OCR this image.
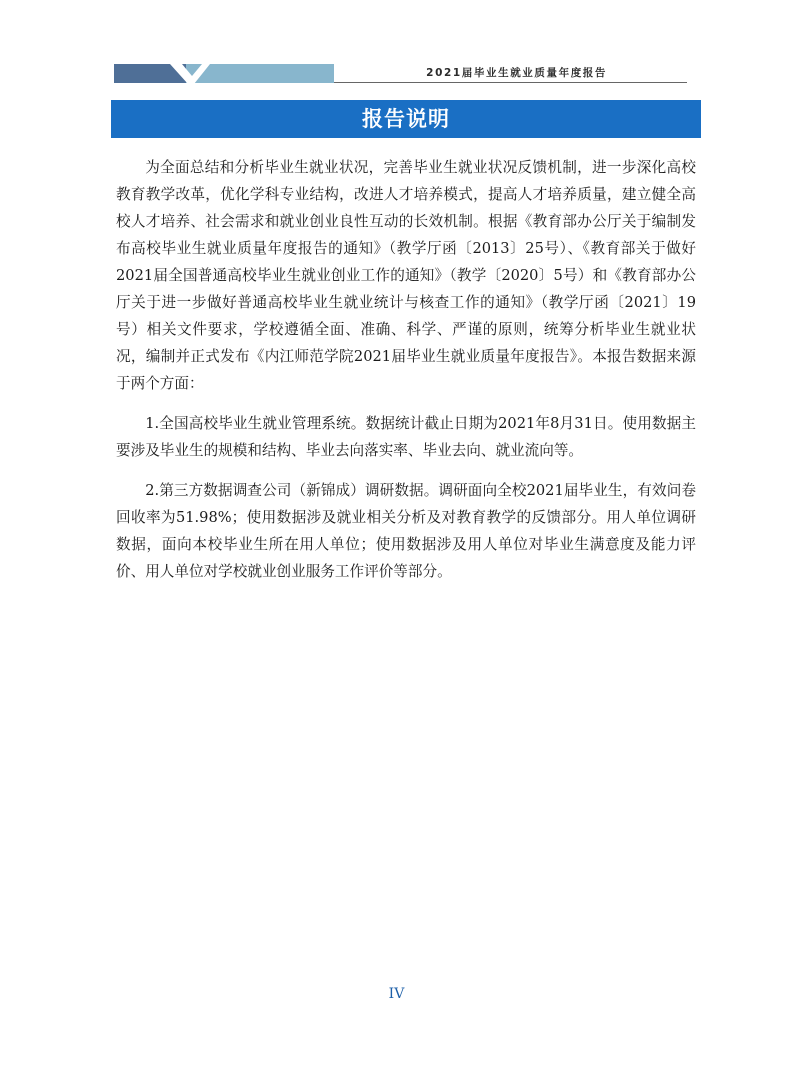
2021届毕业生就业质量年度报告
报告说明

为全面总结和分析毕业生就业状况，完善毕业生就业状况反馈机制，进一步深化高校教育教学改革，优化学科专业结构，改进人才培养模式，提高人才培养质量，建立健全高校人才培养、社会需求和就业创业良性互动的长效机制。根据《教育部办公厅关于编制发布高校毕业生就业质量年度报告的通知》（教学厅函〔2013〕25号）、《教育部关于做好2021届全国普通高校毕业生就业创业工作的通知》（教学〔2020〕5号）和《教育部办公厅关于进一步做好普通高校毕业生就业统计与核查工作的通知》（教学厅函〔2021〕19号）相关文件要求，学校遵循全面、准确、科学、严谨的原则，统筹分析毕业生就业状况，编制并正式发布《内江师范学院2021届毕业生就业质量年度报告》。本报告数据来源于两个方面：

1.全国高校毕业生就业管理系统。数据统计截止日期为2021年8月31日。使用数据主要涉及毕业生的规模和结构、毕业去向落实率、毕业去向、就业流向等。

2.第三方数据调查公司（新锦成）调研数据。调研面向全校2021届毕业生，有效问卷回收率为51.98%；使用数据涉及就业相关分析及对教育教学的反馈部分。用人单位调研数据，面向本校毕业生所在用人单位；使用数据涉及用人单位对毕业生满意度及能力评价、用人单位对学校就业创业服务工作评价等部分。

IV
